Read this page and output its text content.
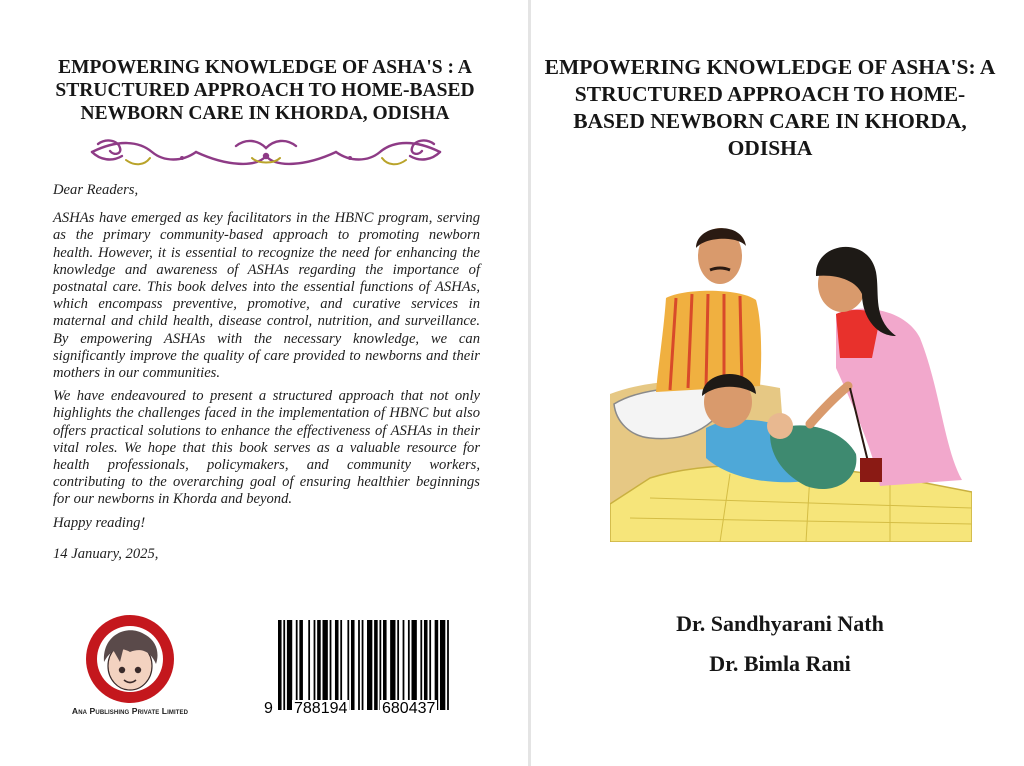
EMPOWERING KNOWLEDGE OF ASHA'S : A STRUCTURED APPROACH TO HOME-BASED NEWBORN CARE IN KHORDA, ODISHA

Dear Readers,

ASHAs have emerged as key facilitators in the HBNC program, serving as the primary community-based approach to promoting newborn health. However, it is essential to recognize the need for enhancing the knowledge and awareness of ASHAs regarding the importance of postnatal care. This book delves into the essential functions of ASHAs, which encompass preventive, promotive, and curative services in maternal and child health, disease control, nutrition, and surveillance. By empowering ASHAs with the necessary knowledge, we can significantly improve the quality of care provided to newborns and their mothers in our communities.

We have endeavoured to present a structured approach that not only highlights the challenges faced in the implementation of HBNC but also offers practical solutions to enhance the effectiveness of ASHAs in their vital roles. We hope that this book serves as a valuable resource for health professionals, policymakers, and community workers, contributing to the overarching goal of ensuring healthier beginnings for our newborns in Khorda and beyond.

Happy reading!

14 January, 2025,

Ana Publishing Private Limited	9 788194 680437
EMPOWERING KNOWLEDGE OF ASHA'S: A STRUCTURED APPROACH TO HOME-BASED NEWBORN CARE IN KHORDA, ODISHA
Dr. Sandhyarani Nath
Dr. Bimla Rani
